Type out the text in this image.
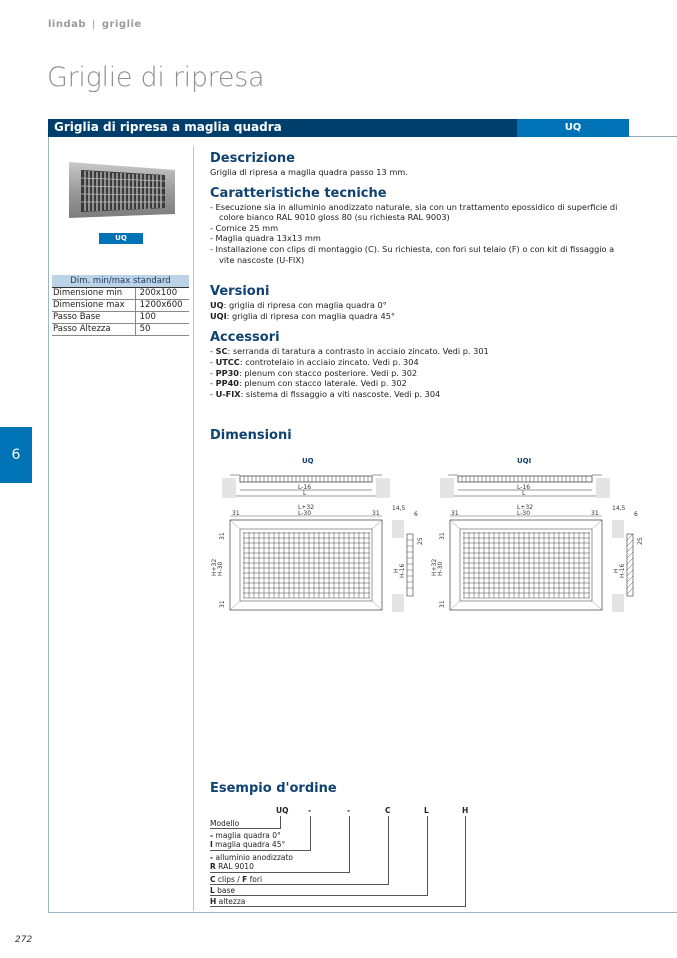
lindab | griglie
Griglie di ripresa
Griglia di ripresa a maglia quadra	UQ
6
UQ
Dim. min/max standard	
Dimensione min	200x100
Dimensione max	1200x600
Passo Base	100
Passo Altezza	50
Descrizione
Griglia di ripresa a maglia quadra passo 13 mm.
Caratteristiche tecniche
- Esecuzione sia in alluminio anodizzato naturale, sia con un trattamento epossidico di superficie di
colore bianco RAL 9010 gloss 80 (su richiesta RAL 9003)
- Cornice 25 mm
- Maglia quadra 13x13 mm
- Installazione con clips di montaggio (C). Su richiesta, con fori sul telaio (F) o con kit di fissaggio a
vite nascoste (U-FIX)
Versioni
UQ: griglia di ripresa con maglia quadra 0°
UQI: griglia di ripresa con maglia quadra 45°
Accessori
- SC: serranda di taratura a contrasto in acciaio zincato. Vedi p. 301
- UTCC: controtelaio in acciaio zincato. Vedi p. 304
- PP30: plenum con stacco posteriore. Vedi p. 302
- PP40: plenum con stacco laterale. Vedi p. 302
- U-FIX: sistema di fissaggio a viti nascoste. Vedi p. 304
Dimensioni
UQ	UQI
L-16
L
L+32
L-30
31	31
31
31
H+32 H-30
14,5
6
H H-16
25
L-16
L
L+32
L-30
31	31
31
31
H+32 H-30
14,5
6
H H-16
25
Esempio d'ordine
UQ	-	-	C	L	H
Modello
- maglia quadra 0°
I maglia quadra 45°
- alluminio anodizzato
R RAL 9010
C clips / F fori
L base
H altezza
272
